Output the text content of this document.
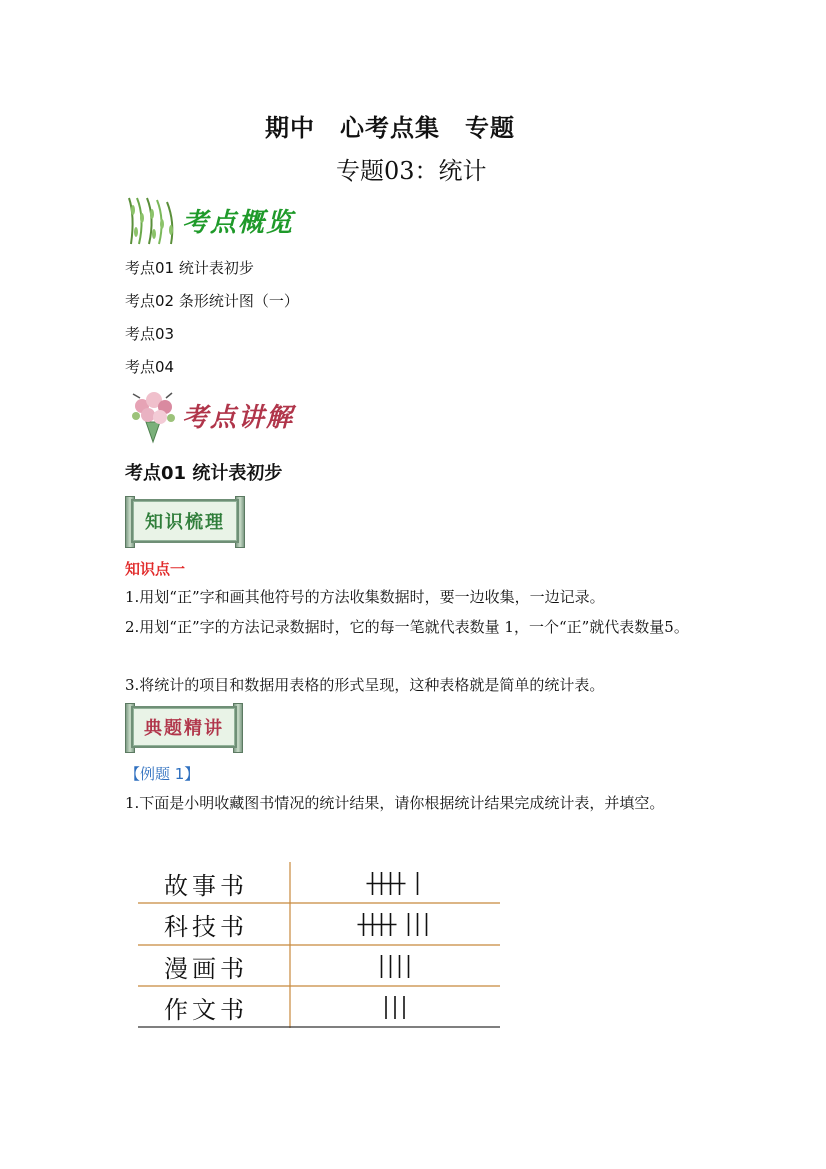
期中　心考点集　专题
专题03：统计
考点概览
考点01 统计表初步
考点02 条形统计图（一）
考点03
考点04
考点讲解
考点01 统计表初步
知识梳理
知识点一
1.用划“正”字和画其他符号的方法收集数据时，要一边收集，一边记录。
2.用划“正”字的方法记录数据时，它的每一笔就代表数量 1，一个“正”就代表数量5。
3.将统计的项目和数据用表格的形式呈现，这种表格就是简单的统计表。
典题精讲
【例题 1】
1.下面是小明收藏图书情况的统计结果，请你根据统计结果完成统计表，并填空。
故事书
科技书
漫画书
作文书
